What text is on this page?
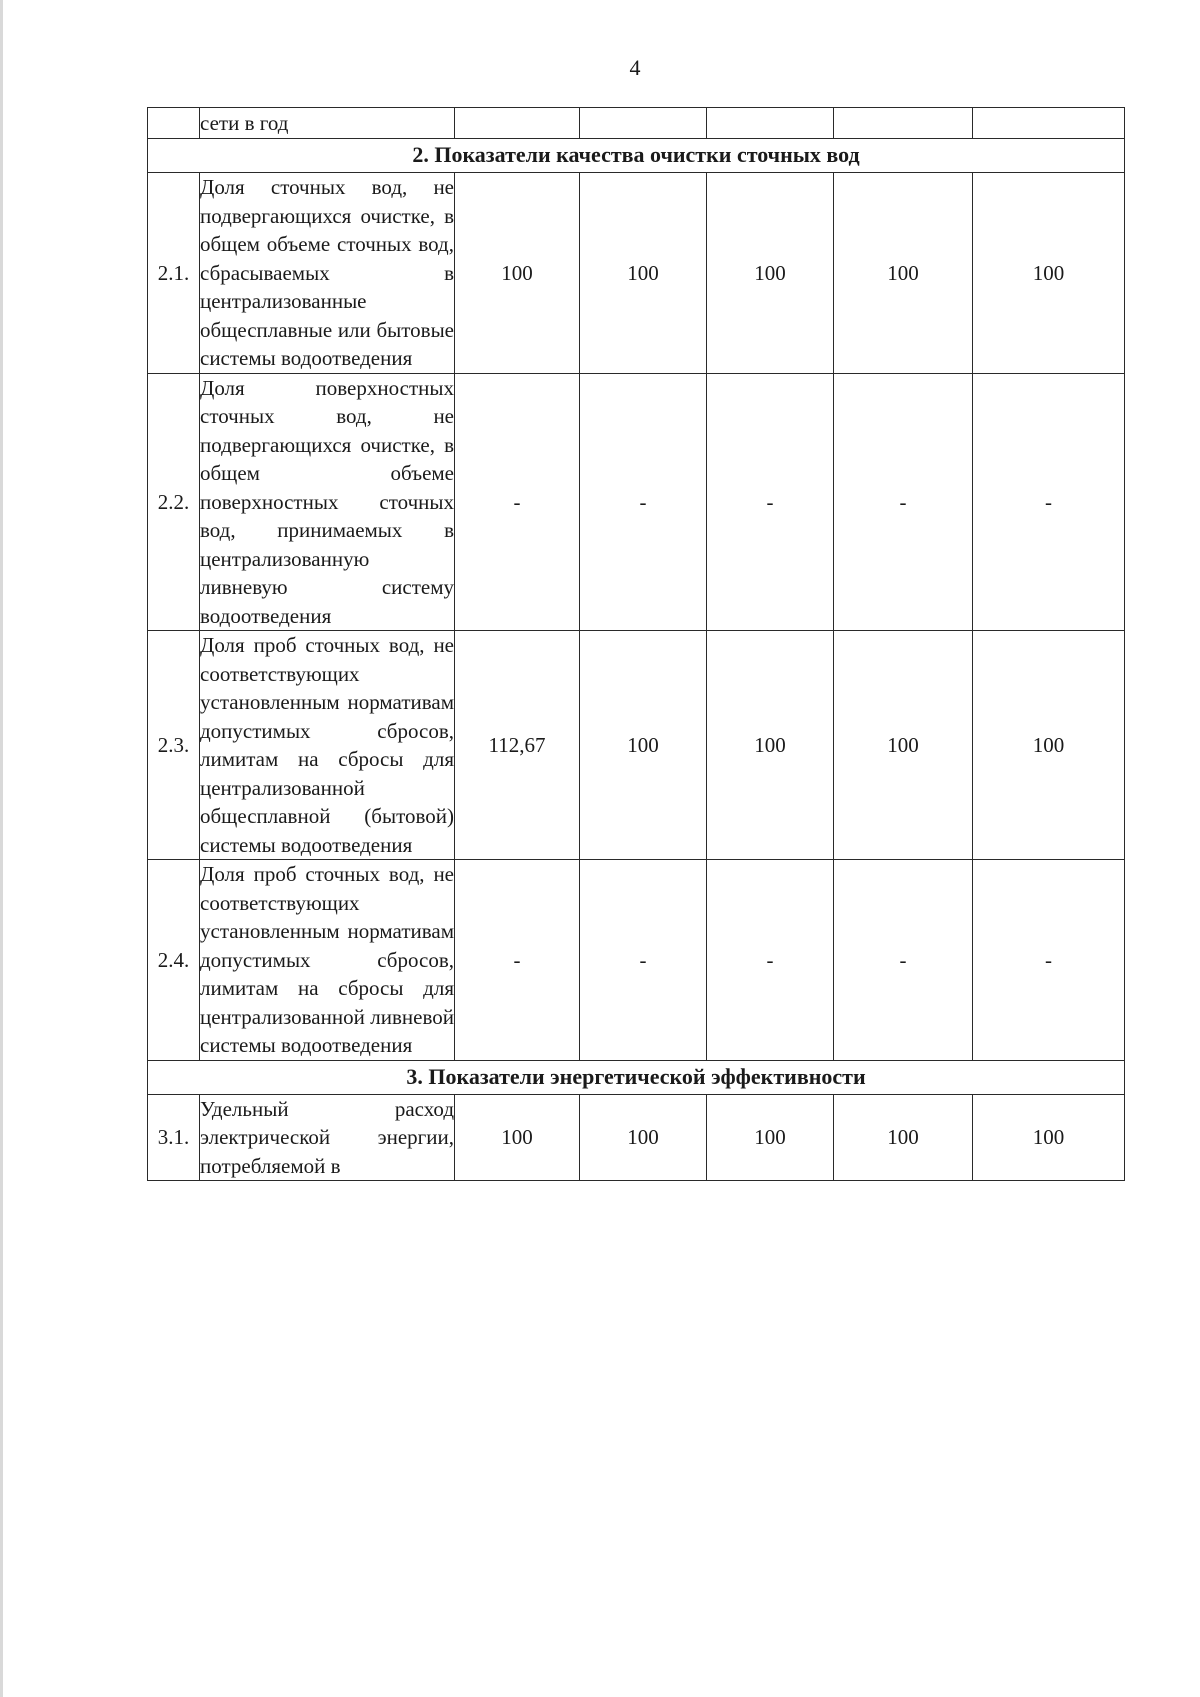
4
	сети в год					
2. Показатели качества очистки сточных вод						
2.1.	Доля сточных вод, не подвергающихся очистке, в общем объеме сточных вод, сбрасываемых в централизованные общесплавные или бытовые системы водоотведения	100	100	100	100	100
2.2.	Доля поверхностных сточных вод, не подвергающихся очистке, в общем объеме поверхностных сточных вод, принимаемых в централизованную ливневую систему водоотведения	-	-	-	-	-
2.3.	Доля проб сточных вод, не соответствующих установленным нормативам допустимых сбросов, лимитам на сбросы для централизованной общесплавной (бытовой) системы водоотведения	112,67	100	100	100	100
2.4.	Доля проб сточных вод, не соответствующих установленным нормативам допустимых сбросов, лимитам на сбросы для централизованной ливневой системы водоотведения	-	-	-	-	-
3. Показатели энергетической эффективности						
3.1.	Удельный расход электрической энергии, потребляемой в	100	100	100	100	100
